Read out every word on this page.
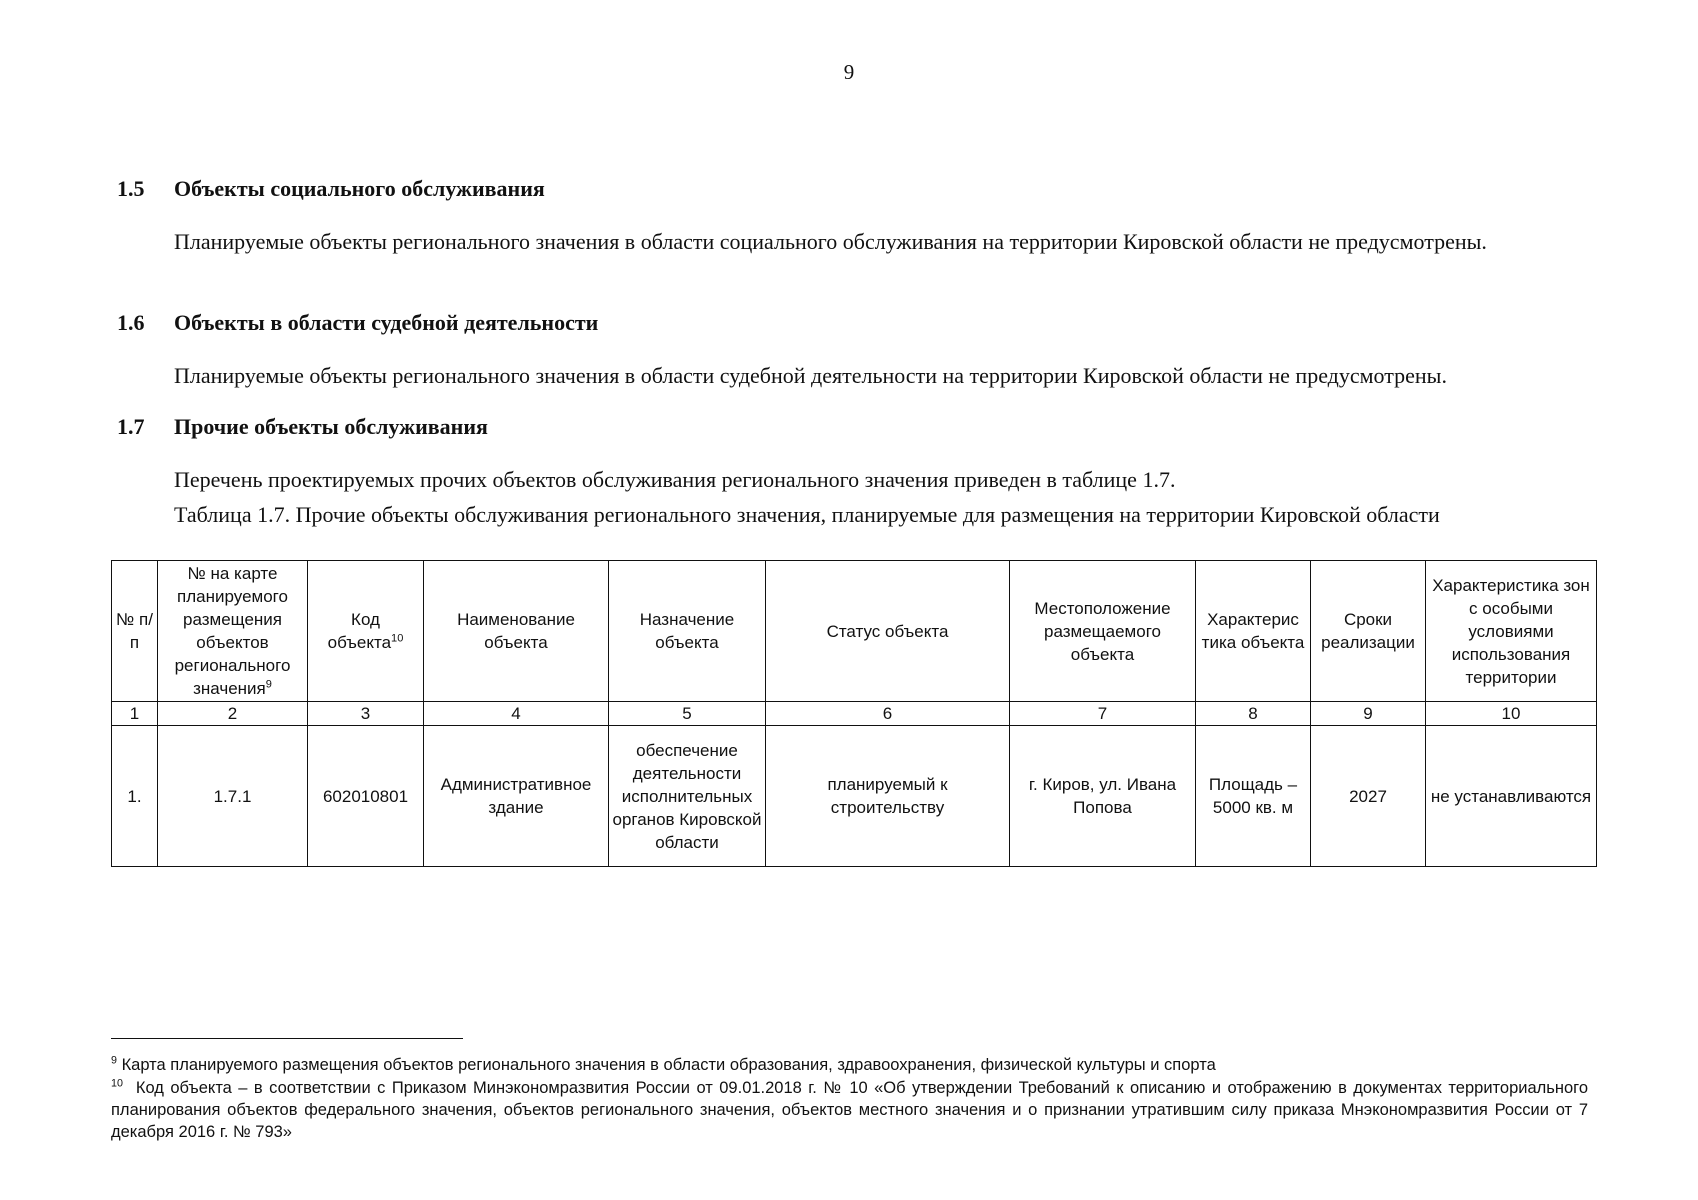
9
1.5 Объекты социального обслуживания
Планируемые объекты регионального значения в области социального обслуживания на территории Кировской области не предусмотрены.
1.6 Объекты в области судебной деятельности
Планируемые объекты регионального значения в области судебной деятельности на территории Кировской области не предусмотрены.
1.7 Прочие объекты обслуживания
Перечень проектируемых прочих объектов обслуживания регионального значения приведен в таблице 1.7.
Таблица 1.7. Прочие объекты обслуживания регионального значения, планируемые для размещения на территории Кировской области
№ п/п	№ на карте планируемого размещения объектов регионального значения$^9$	Код объекта$^{10}$	Наименование объекта	Назначение объекта	Статус объекта	Местоположение размещаемого объекта	Характерис тика объекта	Сроки реализации	Характеристика зон с особыми условиями использования территории
1	2	3	4	5	6	7	8	9	10
1.	1.7.1	602010801	Административное здание	обеспечение деятельности исполнительных органов Кировской области	планируемый к строительству	г. Киров, ул. Ивана Попова	Площадь – 5000 кв. м	2027	не устанавливаются
$^9$ Карта планируемого размещения объектов регионального значения в области образования, здравоохранения, физической культуры и спорта
$^{10}$ Код объекта – в соответствии с Приказом Минэкономразвития России от 09.01.2018 г. № 10 «Об утверждении Требований к описанию и отображению в документах территориального планирования объектов федерального значения, объектов регионального значения, объектов местного значения и о признании утратившим силу приказа Мнэкономразвития России от 7 декабря 2016 г. № 793»
